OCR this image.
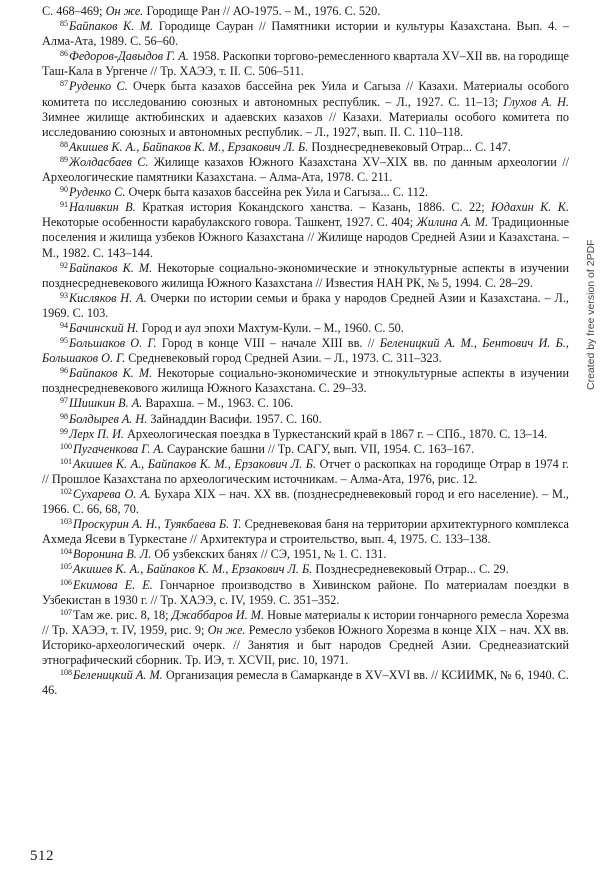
С. 468–469; Он же. Городище Ран // АО-1975. – М., 1976. С. 520.

$^{85}$Байпаков К. М. Городище Сауран // Памятники истории и культуры Казахстана. Вып. 4. – Алма-Ата, 1989. С. 56–60.

$^{86}$Федоров-Давыдов Г. А. 1958. Раскопки торгово-ремесленного квартала XV–XII вв. на городище Таш-Кала в Ургенче // Тр. ХАЭЭ, т. II. С. 506–511.

$^{87}$Руденко С. Очерк быта казахов бассейна рек Уила и Сагыза // Казахи. Материалы особого комитета по исследованию союзных и автономных республик. – Л., 1927. С. 11–13; Глухов А. Н. Зимнее жилище актюбинских и адаевских казахов // Казахи. Материалы особого комитета по исследованию союзных и автономных республик. – Л., 1927, вып. II. С. 110–118.

$^{88}$Акишев К. А., Байпаков К. М., Ерзакович Л. Б. Позднесредневековый Отрар... С. 147.

$^{89}$Жолдасбаев С. Жилище казахов Южного Казахстана XV–XIX вв. по данным археологии // Археологические памятники Казахстана. – Алма-Ата, 1978. С. 211.

$^{90}$Руденко С. Очерк быта казахов бассейна рек Уила и Сагыза... С. 112.

$^{91}$Наливкин В. Краткая история Кокандского ханства. – Казань, 1886. С. 22; Юдахин К. К. Некоторые особенности карабулакского говора. Ташкент, 1927. С. 404; Жилина А. М. Традиционные поселения и жилища узбеков Южного Казахстана // Жилище народов Средней Азии и Казахстана. – М., 1982. С. 143–144.

$^{92}$Байпаков К. М. Некоторые социально-экономические и этнокультурные аспекты в изучении позднесредневекового жилища Южного Казахстана // Известия НАН РК, № 5, 1994. С. 28–29.

$^{93}$Кисляков Н. А. Очерки по истории семьи и брака у народов Средней Азии и Казахстана. – Л., 1969. С. 103.

$^{94}$Бачинский Н. Город и аул эпохи Махтум-Кули. – М., 1960. С. 50.

$^{95}$Большаков О. Г. Город в конце VIII – начале XIII вв. // Беленицкий А. М., Бентович И. Б., Большаков О. Г. Средневековый город Средней Азии. – Л., 1973. С. 311–323.

$^{96}$Байпаков К. М. Некоторые социально-экономические и этнокультурные аспекты в изучении позднесредневекового жилища Южного Казахстана. С. 29–33.

$^{97}$Шишкин В. А. Варахша. – М., 1963. С. 106.

$^{98}$Болдырев А. Н. Зайнаддин Васифи. 1957. С. 160.

$^{99}$Лерх П. И. Археологическая поездка в Туркестанский край в 1867 г. – СПб., 1870. С. 13–14.

$^{100}$Пугаченкова Г. А. Сауранские башни // Тр. САГУ, вып. VII, 1954. С. 163–167.

$^{101}$Акишев К. А., Байпаков К. М., Ерзакович Л. Б. Отчет о раскопках на городище Отрар в 1974 г. // Прошлое Казахстана по археологическим источникам. – Алма-Ата, 1976, рис. 12.

$^{102}$Сухарева О. А. Бухара XIX – нач. XX вв. (позднесредневековый город и его население). – М., 1966. С. 66, 68, 70.

$^{103}$Проскурин А. Н., Туякбаева Б. Т. Средневековая баня на территории архитектурного комплекса Ахмеда Ясеви в Туркестане // Архитектура и строительство, вып. 4, 1975. С. 133–138.

$^{104}$Воронина В. Л. Об узбекских банях // СЭ, 1951, № 1. С. 131.

$^{105}$Акишев К. А., Байпаков К. М., Ерзакович Л. Б. Позднесредневековый Отрар... С. 29.

$^{106}$Екимова Е. Е. Гончарное производство в Хивинском районе. По материалам поездки в Узбекистан в 1930 г. // Тр. ХАЭЭ, с. IV, 1959. С. 351–352.

$^{107}$Там же. рис. 8, 18; Джаббаров И. М. Новые материалы к истории гончарного ремесла Хорезма // Тр. ХАЭЭ, т. IV, 1959, рис. 9; Он же. Ремесло узбеков Южного Хорезма в конце XIX – нач. XX вв. Историко-археологический очерк. // Занятия и быт народов Средней Азии. Среднеазиатский этнографический сборник. Тр. ИЭ, т. XCVII, рис. 10, 1971.

$^{108}$Беленицкий А. М. Организация ремесла в Самарканде в XV–XVI вв. // КСИИМК, № 6, 1940. С. 46.

512
Created by free version of 2PDF
